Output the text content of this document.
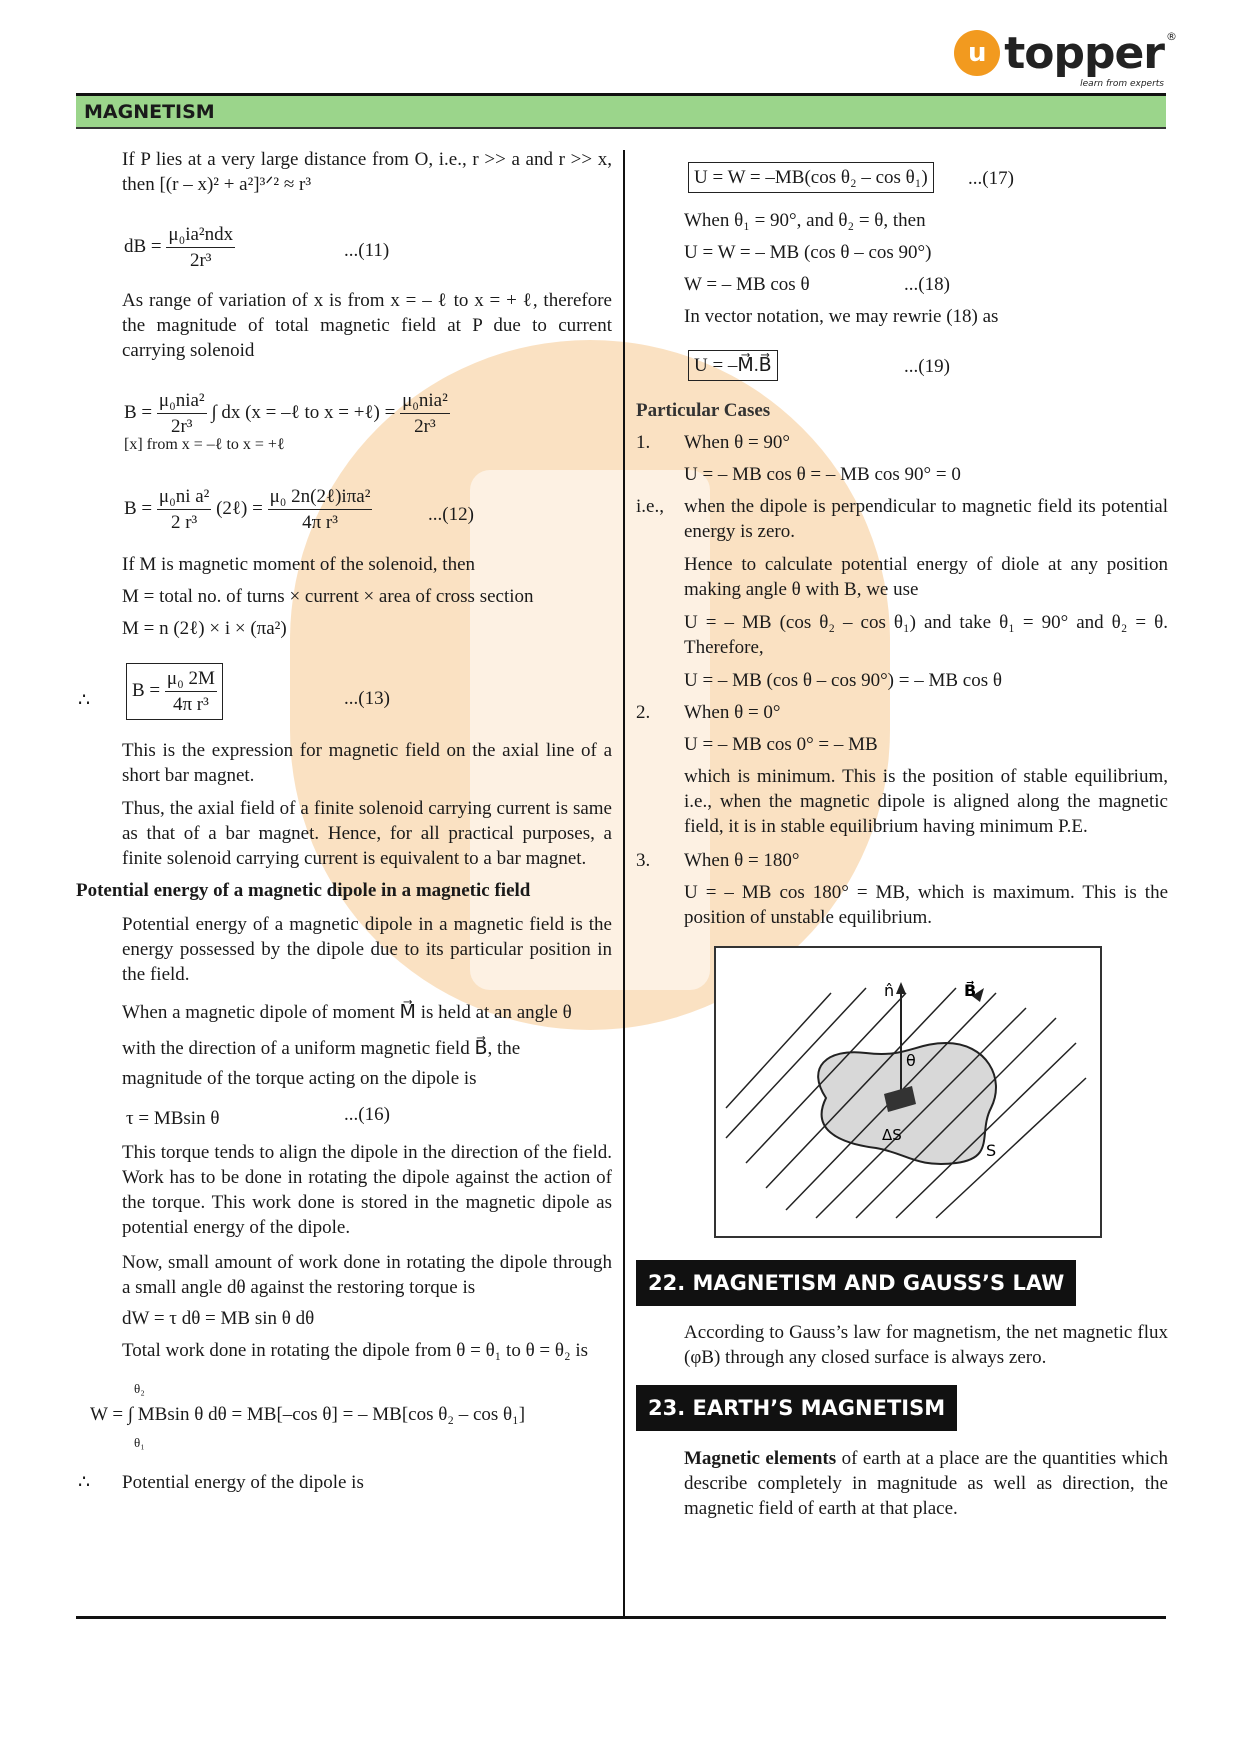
u topper ®
learn from experts
MAGNETISM
If P lies at a very large distance from O, i.e., r >> a and r >> x, then [(r – x)² + a²]³ᐟ² ≈ r³
dB = $\frac{\text{μ₀ia²ndx}}{\text{2r³}}$	...(11)
As range of variation of x is from x = – ℓ to x = + ℓ, therefore the magnitude of total magnetic field at P due to current carrying solenoid
$B = \frac{\text{μ₀nia²}}{\text{2r³}}$ ∫ dx (x = –ℓ to x = +ℓ) = $\frac{\text{μ₀nia²}}{\text{2r³}}$
[x] from x = –ℓ to x = +ℓ
$B = \frac{\text{μ₀ni a²}}{\text{2 r³}}$ (2ℓ) = $\frac{\text{μ₀ 2n(2ℓ)iπa²}}{\text{4π r³}}$	...(12)
If M is magnetic moment of the solenoid, then
M = total no. of turns × current × area of cross section
M = n (2ℓ) × i × (πa²)
∴	$B = \frac{\text{μ₀ 2M}}{\text{4π r³}}$	...(13)
This is the expression for magnetic field on the axial line of a short bar magnet.
Thus, the axial field of a finite solenoid carrying current is same as that of a bar magnet. Hence, for all practical purposes, a finite solenoid carrying current is equivalent to a bar magnet.
Potential energy of a magnetic dipole in a magnetic field
Potential energy of a magnetic dipole in a magnetic field is the energy possessed by the dipole due to its particular position in the field.
When a magnetic dipole of moment M⃗ is held at an angle θ
with the direction of a uniform magnetic field B⃗, the
magnitude of the torque acting on the dipole is
τ = MBsin θ	...(16)
This torque tends to align the dipole in the direction of the field. Work has to be done in rotating the dipole against the action of the torque. This work done is stored in the magnetic dipole as potential energy of the dipole.
Now, small amount of work done in rotating the dipole through a small angle dθ against the restoring torque is
dW = τ dθ = MB sin θ dθ
Total work done in rotating the dipole from θ = θ₁ to θ = θ₂ is
θ₂
W = ∫ MBsin θ dθ = MB[–cos θ] = – MB[cos θ₂ – cos θ₁]
θ₁
∴ Potential energy of the dipole is
U = W = –MB(cos θ₂ – cos θ₁)	...(17)
When θ₁ = 90°, and θ₂ = θ, then
U = W = – MB (cos θ – cos 90°)
W = – MB cos θ	...(18)
In vector notation, we may rewrie (18) as
U = –M⃗.B⃗	...(19)
Particular Cases
1. When θ = 90°
U = – MB cos θ = – MB cos 90° = 0
i.e., when the dipole is perpendicular to magnetic field its potential energy is zero.
Hence to calculate potential energy of diole at any position making angle θ with B, we use
U = – MB (cos θ₂ – cos θ₁) and take θ₁ = 90° and θ₂ = θ. Therefore,
U = – MB (cos θ – cos 90°) = – MB cos θ
2. When θ = 0°
U = – MB cos 0° = – MB
which is minimum. This is the position of stable equilibrium, i.e., when the magnetic dipole is aligned along the magnetic field, it is in stable equilibrium having minimum P.E.
3. When θ = 180°
U = – MB cos 180° = MB, which is maximum. This is the position of unstable equilibrium.
n̂	B⃗
θ
ΔS
S
22. MAGNETISM AND GAUSS’S LAW
According to Gauss’s law for magnetism, the net magnetic flux (φB) through any closed surface is always zero.
23. EARTH’S MAGNETISM
Magnetic elements of earth at a place are the quantities which describe completely in magnitude as well as direction, the magnetic field of earth at that place.
